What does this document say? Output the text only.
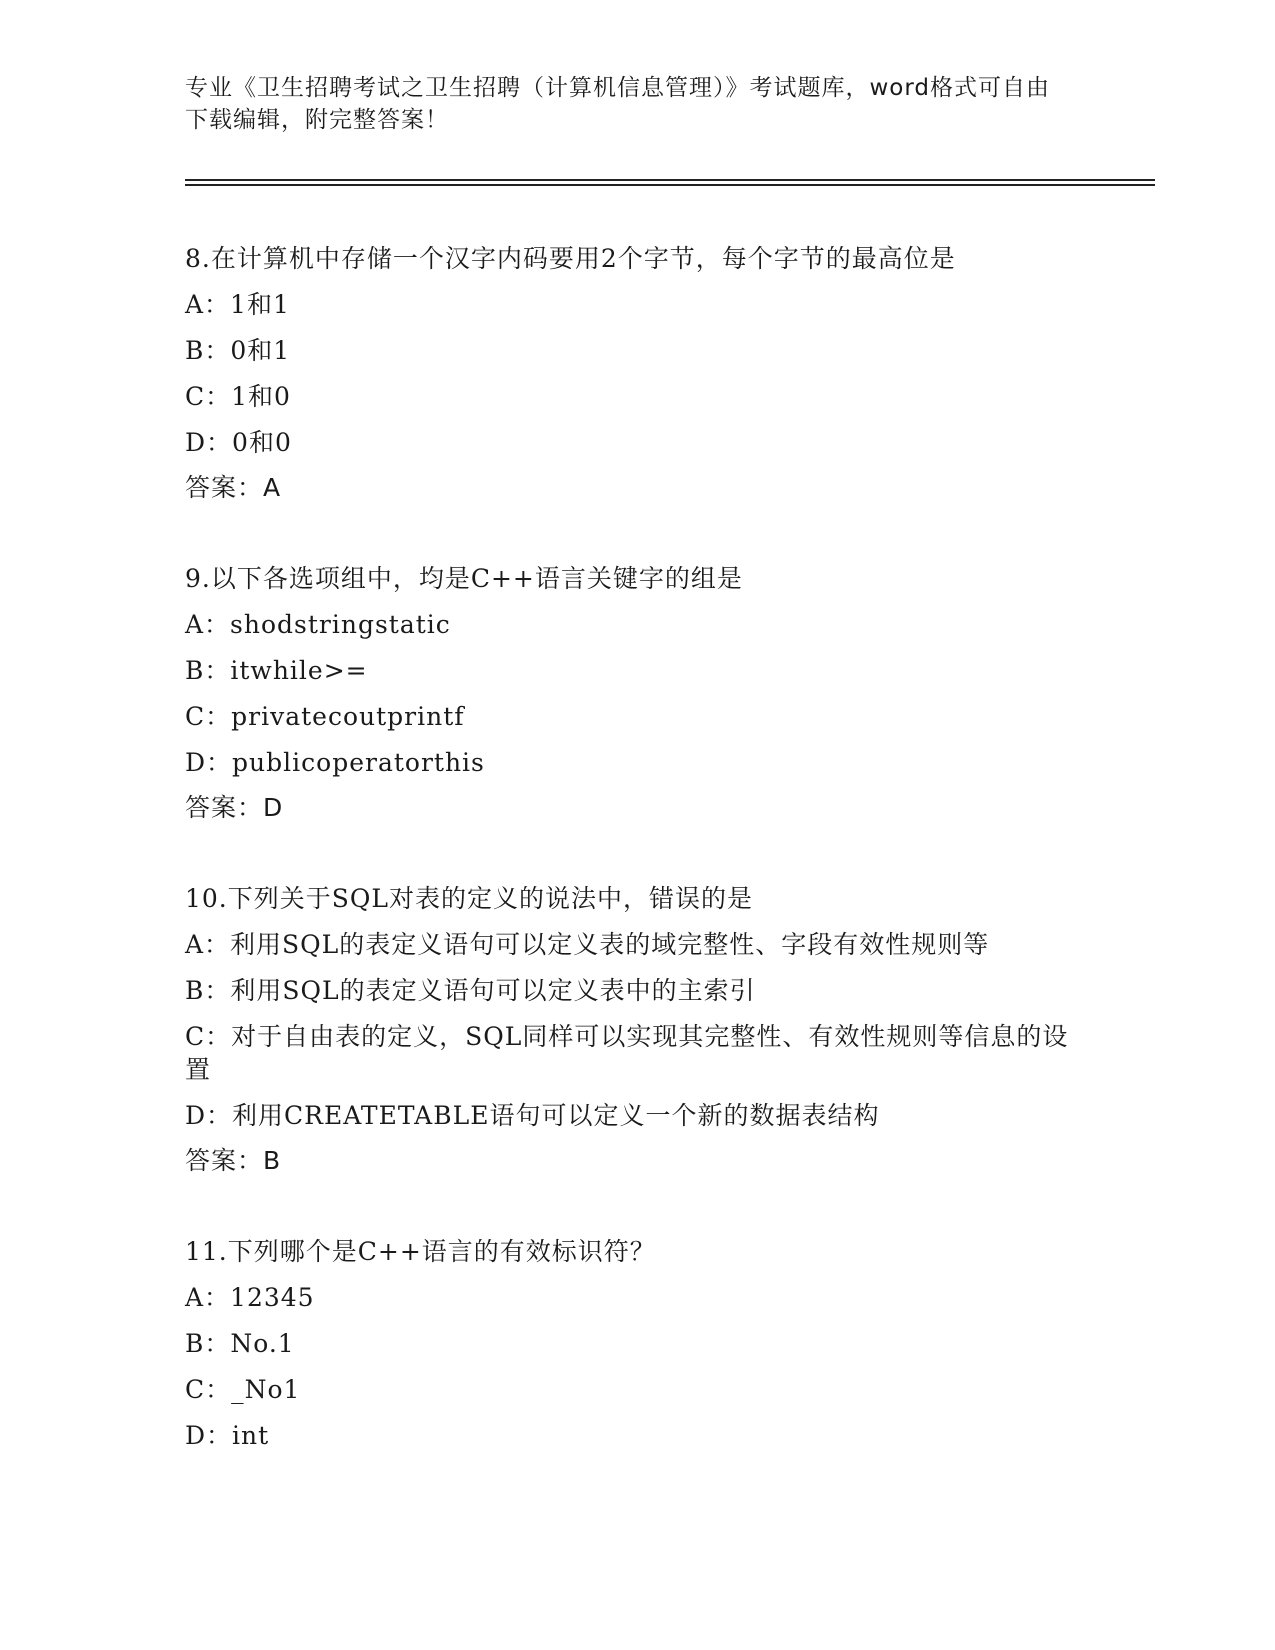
专业《卫生招聘考试之卫生招聘（计算机信息管理）》考试题库，word格式可自由下载编辑，附完整答案！
8.在计算机中存储一个汉字内码要用2个字节，每个字节的最高位是
A：1和1
B：0和1
C：1和0
D：0和0
答案：A
9.以下各选项组中，均是C++语言关键字的组是
A：shodstringstatic
B：itwhile>=
C：privatecoutprintf
D：publicoperatorthis
答案：D
10.下列关于SQL对表的定义的说法中，错误的是
A：利用SQL的表定义语句可以定义表的域完整性、字段有效性规则等
B：利用SQL的表定义语句可以定义表中的主索引
C：对于自由表的定义，SQL同样可以实现其完整性、有效性规则等信息的设置
D：利用CREATETABLE语句可以定义一个新的数据表结构
答案：B
11.下列哪个是C++语言的有效标识符？
A：12345
B：No.1
C：_No1
D：int
